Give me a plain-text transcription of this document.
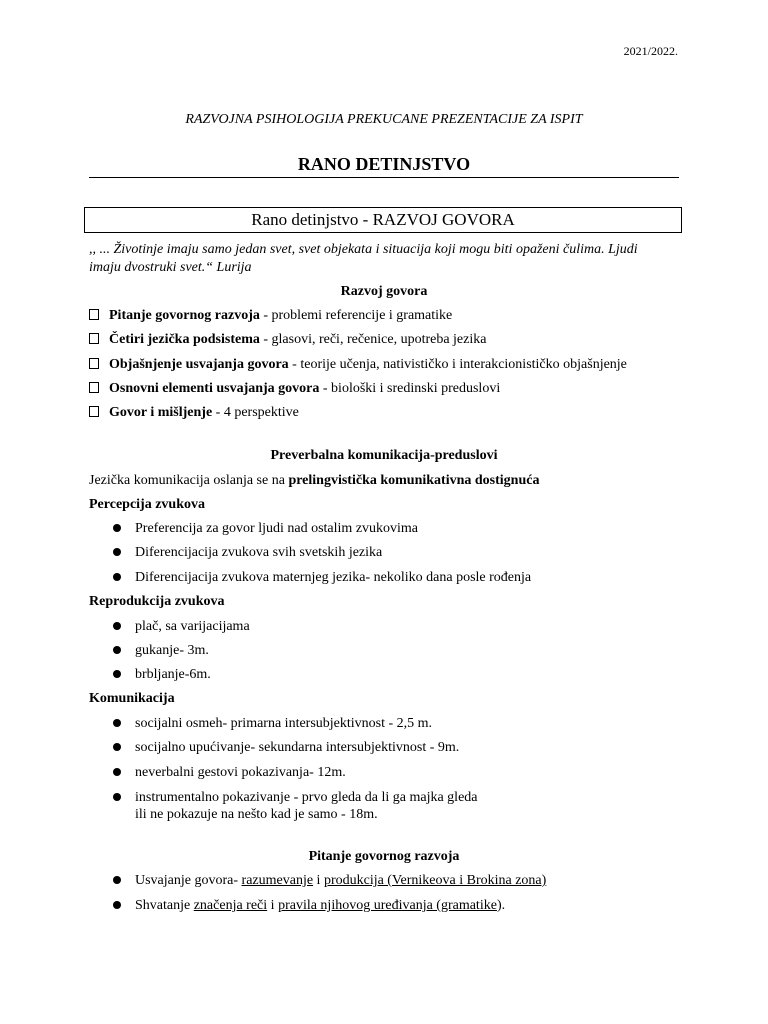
2021/2022.
RAZVOJNA PSIHOLOGIJA PREKUCANE PREZENTACIJE ZA ISPIT
RANO DETINJSTVO
Rano detinjstvo - RAZVOJ GOVORA
,, ... Životinje imaju samo jedan svet, svet objekata i situacija koji mogu biti opaženi čulima. Ljudi
imaju dvostruki svet.“ Lurija
Razvoj govora
Pitanje govornog razvoja - problemi referencije i gramatike
Četiri jezička podsistema - glasovi, reči, rečenice, upotreba jezika
Objašnjenje usvajanja govora - teorije učenja, nativističko i interakcionističko objašnjenje
Osnovni elementi usvajanja govora - biološki i sredinski preduslovi
Govor i mišljenje - 4 perspektive
Preverbalna komunikacija-preduslovi
Jezička komunikacija oslanja se na prelingvistička komunikativna dostignuća
Percepcija zvukova
Preferencija za govor ljudi nad ostalim zvukovima
Diferencijacija zvukova svih svetskih jezika
Diferencijacija zvukova maternjeg jezika- nekoliko dana posle rođenja
Reprodukcija zvukova
plač, sa varijacijama
gukanje- 3m.
brbljanje-6m.
Komunikacija
socijalni osmeh- primarna intersubjektivnost - 2,5 m.
socijalno upućivanje- sekundarna intersubjektivnost - 9m.
neverbalni gestovi pokazivanja- 12m.
instrumentalno pokazivanje - prvo gleda da li ga majka gleda
ili ne pokazuje na nešto kad je samo - 18m.
Pitanje govornog razvoja
Usvajanje govora- razumevanje i produkcija (Vernikeova i Brokina zona)
Shvatanje značenja reči i pravila njihovog uređivanja (gramatike).
